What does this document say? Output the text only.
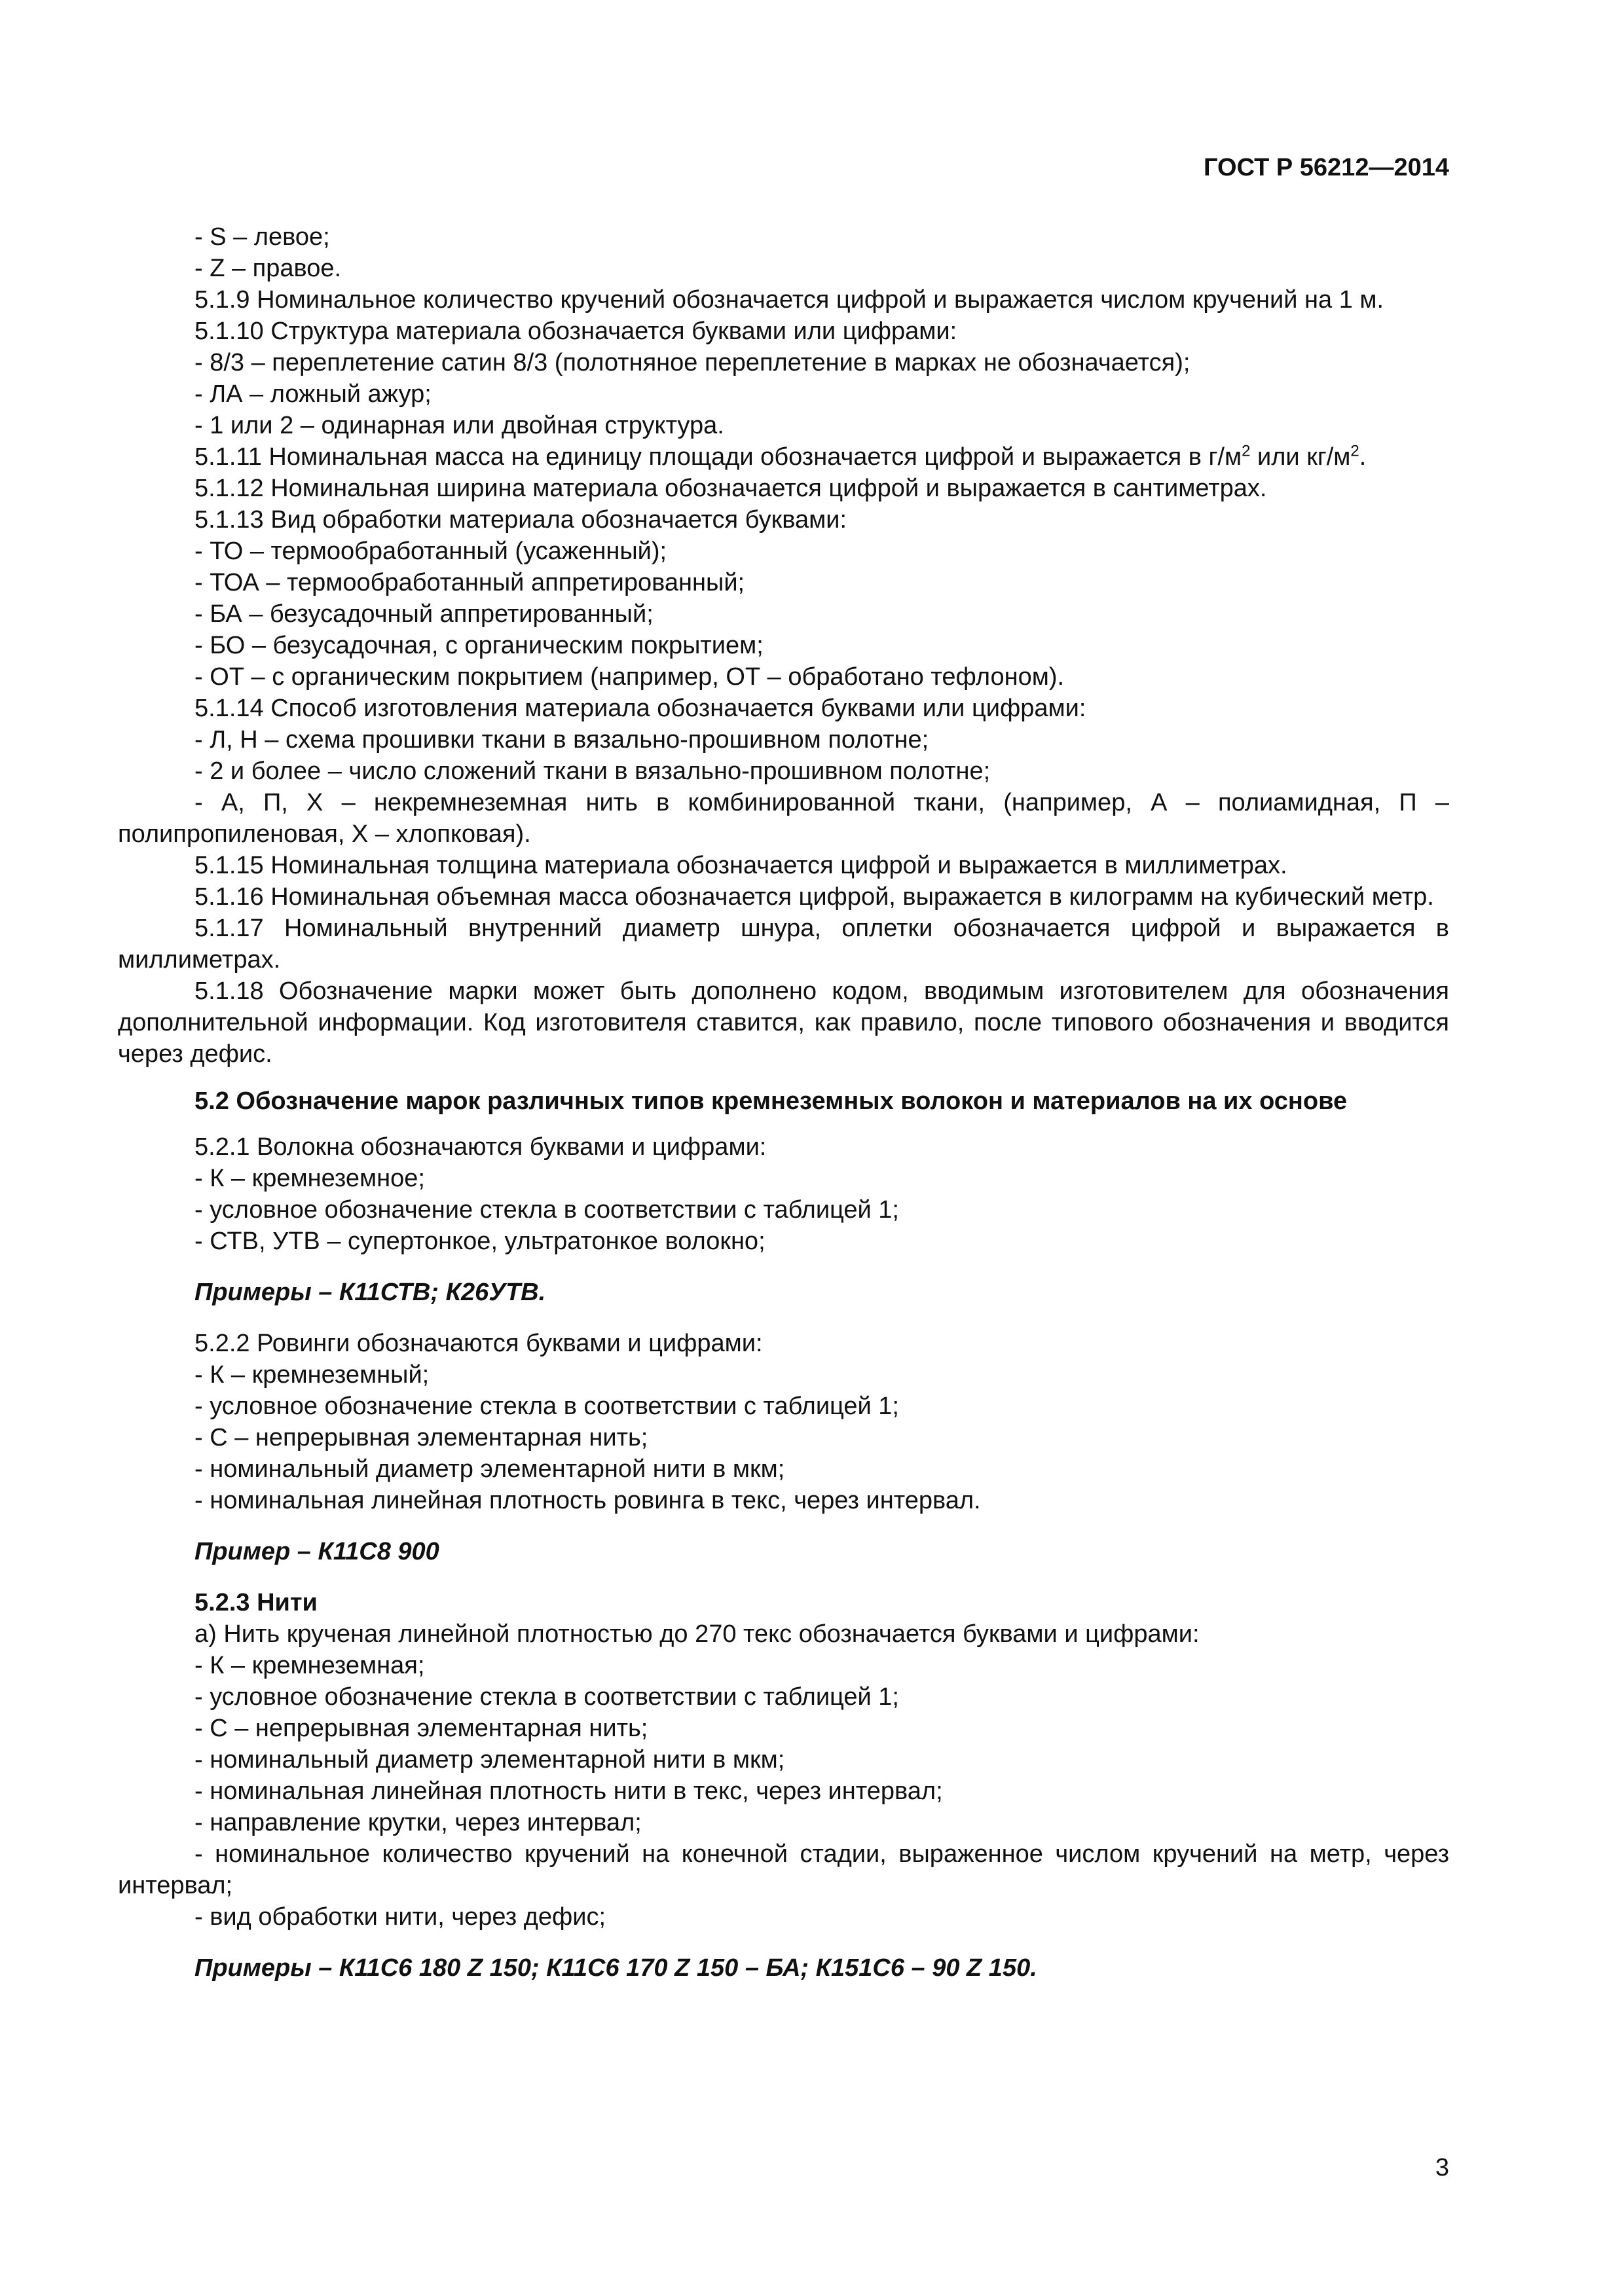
ГОСТ Р 56212—2014

- S – левое;

- Z – правое.

5.1.9 Номинальное количество кручений обозначается цифрой и выражается числом кручений на 1 м.

5.1.10 Структура материала обозначается буквами или цифрами:

- 8/3 – переплетение сатин 8/3 (полотняное переплетение в марках не обозначается);

- ЛА – ложный ажур;

- 1 или 2 – одинарная или двойная структура.

5.1.11 Номинальная масса на единицу площади обозначается цифрой и выражается в $г/м^2$ или $кг/м^2$.

5.1.12 Номинальная ширина материала обозначается цифрой и выражается в сантиметрах.

5.1.13 Вид обработки материала обозначается буквами:

- ТО – термообработанный (усаженный);

- ТОА – термообработанный аппретированный;

- БА – безусадочный аппретированный;

- БО – безусадочная, с органическим покрытием;

- ОТ – с органическим покрытием (например, ОТ – обработано тефлоном).

5.1.14 Способ изготовления материала обозначается буквами или цифрами:

- Л, Н – схема прошивки ткани в вязально-прошивном полотне;

- 2 и более – число сложений ткани в вязально-прошивном полотне;

- А, П, Х – некремнеземная нить в комбинированной ткани, (например, А – полиамидная, П – полипропиленовая, Х – хлопковая).

5.1.15 Номинальная толщина материала обозначается цифрой и выражается в миллиметрах.

5.1.16 Номинальная объемная масса обозначается цифрой, выражается в килограмм на кубический метр.

5.1.17 Номинальный внутренний диаметр шнура, оплетки обозначается цифрой и выражается в миллиметрах.

5.1.18 Обозначение марки может быть дополнено кодом, вводимым изготовителем для обозначения дополнительной информации. Код изготовителя ставится, как правило, после типового обозначения и вводится через дефис.

5.2 Обозначение марок различных типов кремнеземных волокон и материалов на их основе

5.2.1 Волокна обозначаются буквами и цифрами:

- К – кремнеземное;

- условное обозначение стекла в соответствии с таблицей 1;

- СТВ, УТВ – супертонкое, ультратонкое волокно;

Примеры – К11СТВ; К26УТВ.

5.2.2 Ровинги обозначаются буквами и цифрами:

- К – кремнеземный;

- условное обозначение стекла в соответствии с таблицей 1;

- С – непрерывная элементарная нить;

- номинальный диаметр элементарной нити в мкм;

- номинальная линейная плотность ровинга в текс, через интервал.

Пример – К11С8 900

5.2.3 Нити

а) Нить крученая линейной плотностью до 270 текс обозначается буквами и цифрами:

- К – кремнеземная;

- условное обозначение стекла в соответствии с таблицей 1;

- С – непрерывная элементарная нить;

- номинальный диаметр элементарной нити в мкм;

- номинальная линейная плотность нити в текс, через интервал;

- направление крутки, через интервал;

- номинальное количество кручений на конечной стадии, выраженное числом кручений на метр, через интервал;

- вид обработки нити, через дефис;

Примеры – К11С6 180 Z 150; К11С6 170 Z 150 – БА; К151С6 – 90 Z 150.

3
